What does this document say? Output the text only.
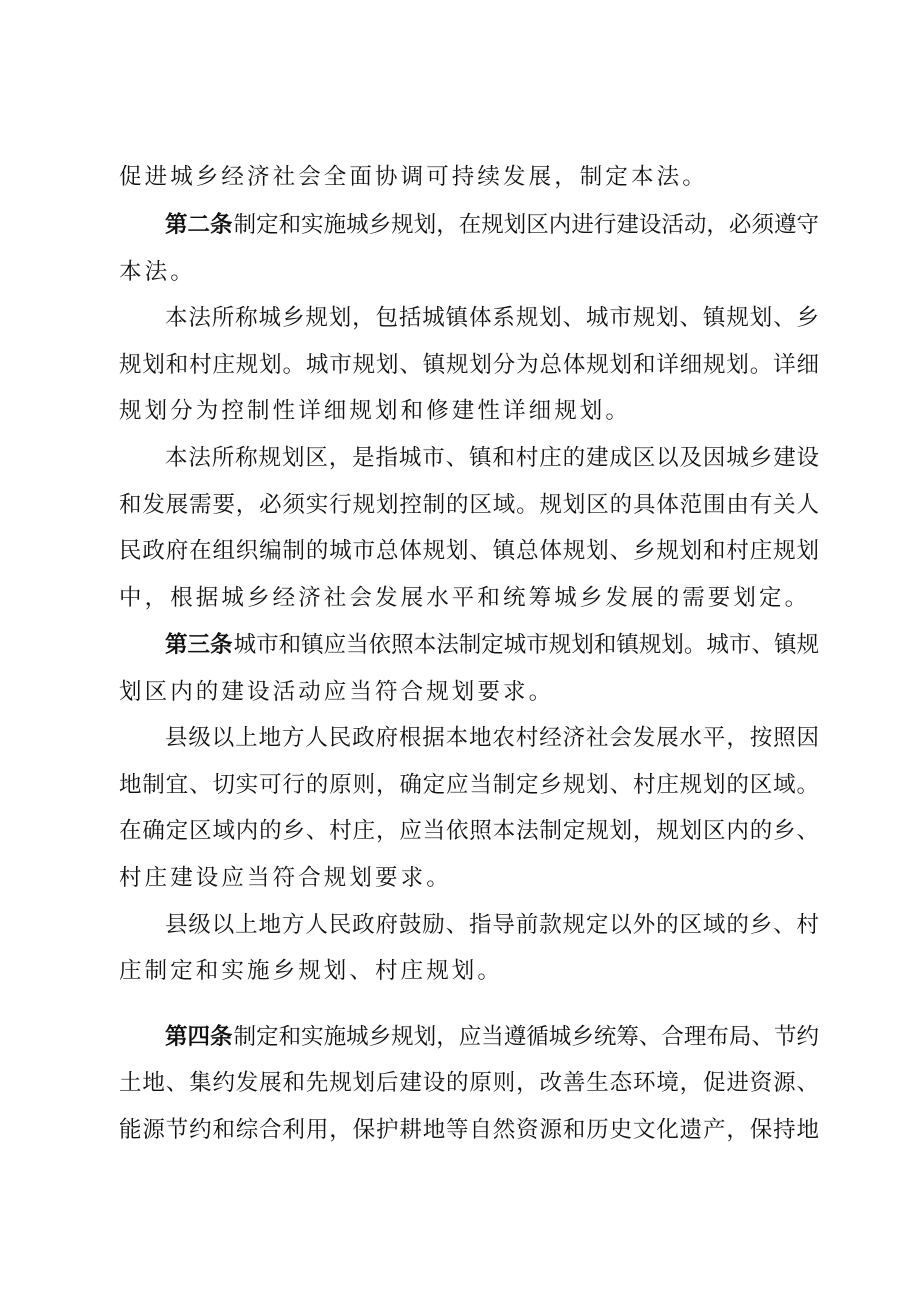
促进城乡经济社会全面协调可持续发展，制定本法。
第二条制定和实施城乡规划，在规划区内进行建设活动，必须遵守
本法。
本法所称城乡规划，包括城镇体系规划、城市规划、镇规划、乡
规划和村庄规划。城市规划、镇规划分为总体规划和详细规划。详细
规划分为控制性详细规划和修建性详细规划。
本法所称规划区，是指城市、镇和村庄的建成区以及因城乡建设
和发展需要，必须实行规划控制的区域。规划区的具体范围由有关人
民政府在组织编制的城市总体规划、镇总体规划、乡规划和村庄规划
中，根据城乡经济社会发展水平和统筹城乡发展的需要划定。
第三条城市和镇应当依照本法制定城市规划和镇规划。城市、镇规
划区内的建设活动应当符合规划要求。
县级以上地方人民政府根据本地农村经济社会发展水平，按照因
地制宜、切实可行的原则，确定应当制定乡规划、村庄规划的区域。
在确定区域内的乡、村庄，应当依照本法制定规划，规划区内的乡、
村庄建设应当符合规划要求。
县级以上地方人民政府鼓励、指导前款规定以外的区域的乡、村
庄制定和实施乡规划、村庄规划。
第四条制定和实施城乡规划，应当遵循城乡统筹、合理布局、节约
土地、集约发展和先规划后建设的原则，改善生态环境，促进资源、
能源节约和综合利用，保护耕地等自然资源和历史文化遗产，保持地
